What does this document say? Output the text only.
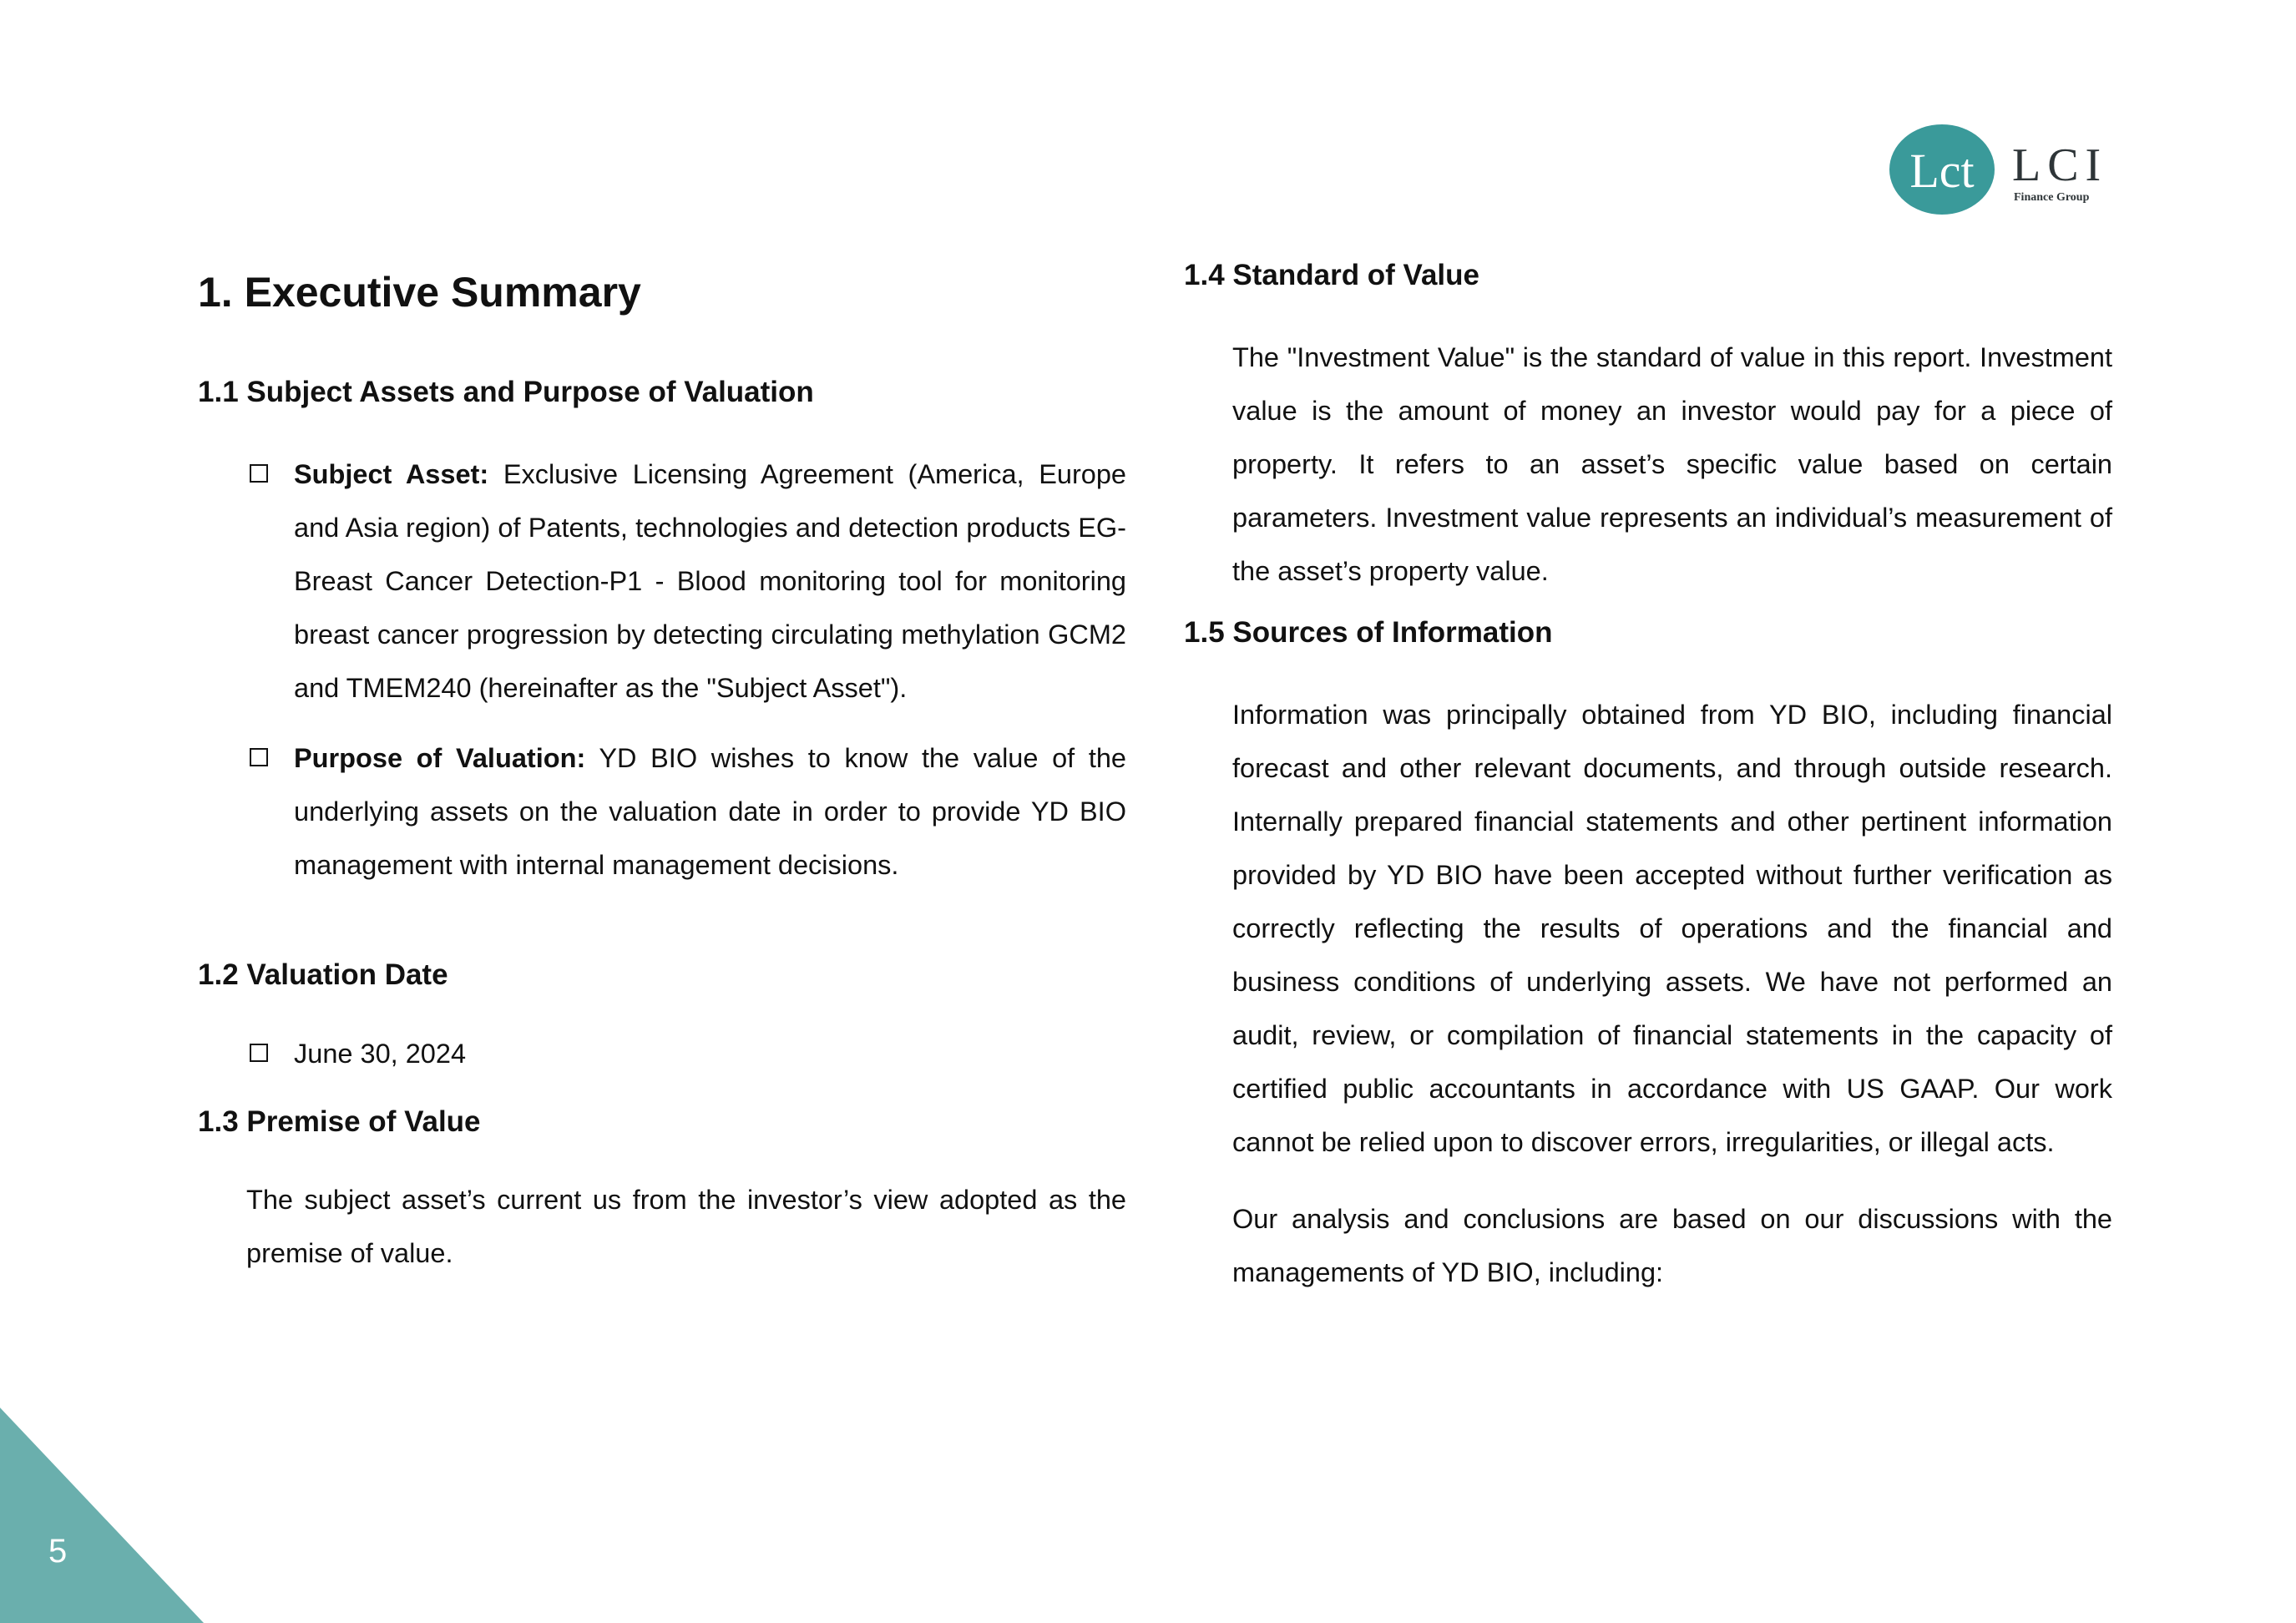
Lct LCI
Finance Group
1. Executive Summary
1.1 Subject Assets and Purpose of Valuation
Subject Asset: Exclusive Licensing Agreement (America, Europe and Asia region) of Patents, technologies and detection products EG-Breast Cancer Detection-P1 - Blood monitoring tool for monitoring breast cancer progression by detecting circulating methylation GCM2 and TMEM240 (hereinafter as the "Subject Asset").
Purpose of Valuation: YD BIO wishes to know the value of the underlying assets on the valuation date in order to provide YD BIO management with internal management decisions.
1.2 Valuation Date
June 30, 2024
1.3 Premise of Value

The subject asset’s current us from the investor’s view adopted as the premise of value.

1.4 Standard of Value

The "Investment Value" is the standard of value in this report. Investment value is the amount of money an investor would pay for a piece of property. It refers to an asset’s specific value based on certain parameters. Investment value represents an individual’s measurement of the asset’s property value.

1.5 Sources of Information

Information was principally obtained from YD BIO, including financial forecast and other relevant documents, and through outside research. Internally prepared financial statements and other pertinent information provided by YD BIO have been accepted without further verification as correctly reflecting the results of operations and the financial and business conditions of underlying assets. We have not performed an audit, review, or compilation of financial statements in the capacity of certified public accountants in accordance with US GAAP. Our work cannot be relied upon to discover errors, irregularities, or illegal acts.

Our analysis and conclusions are based on our discussions with the managements of YD BIO, including:

5
